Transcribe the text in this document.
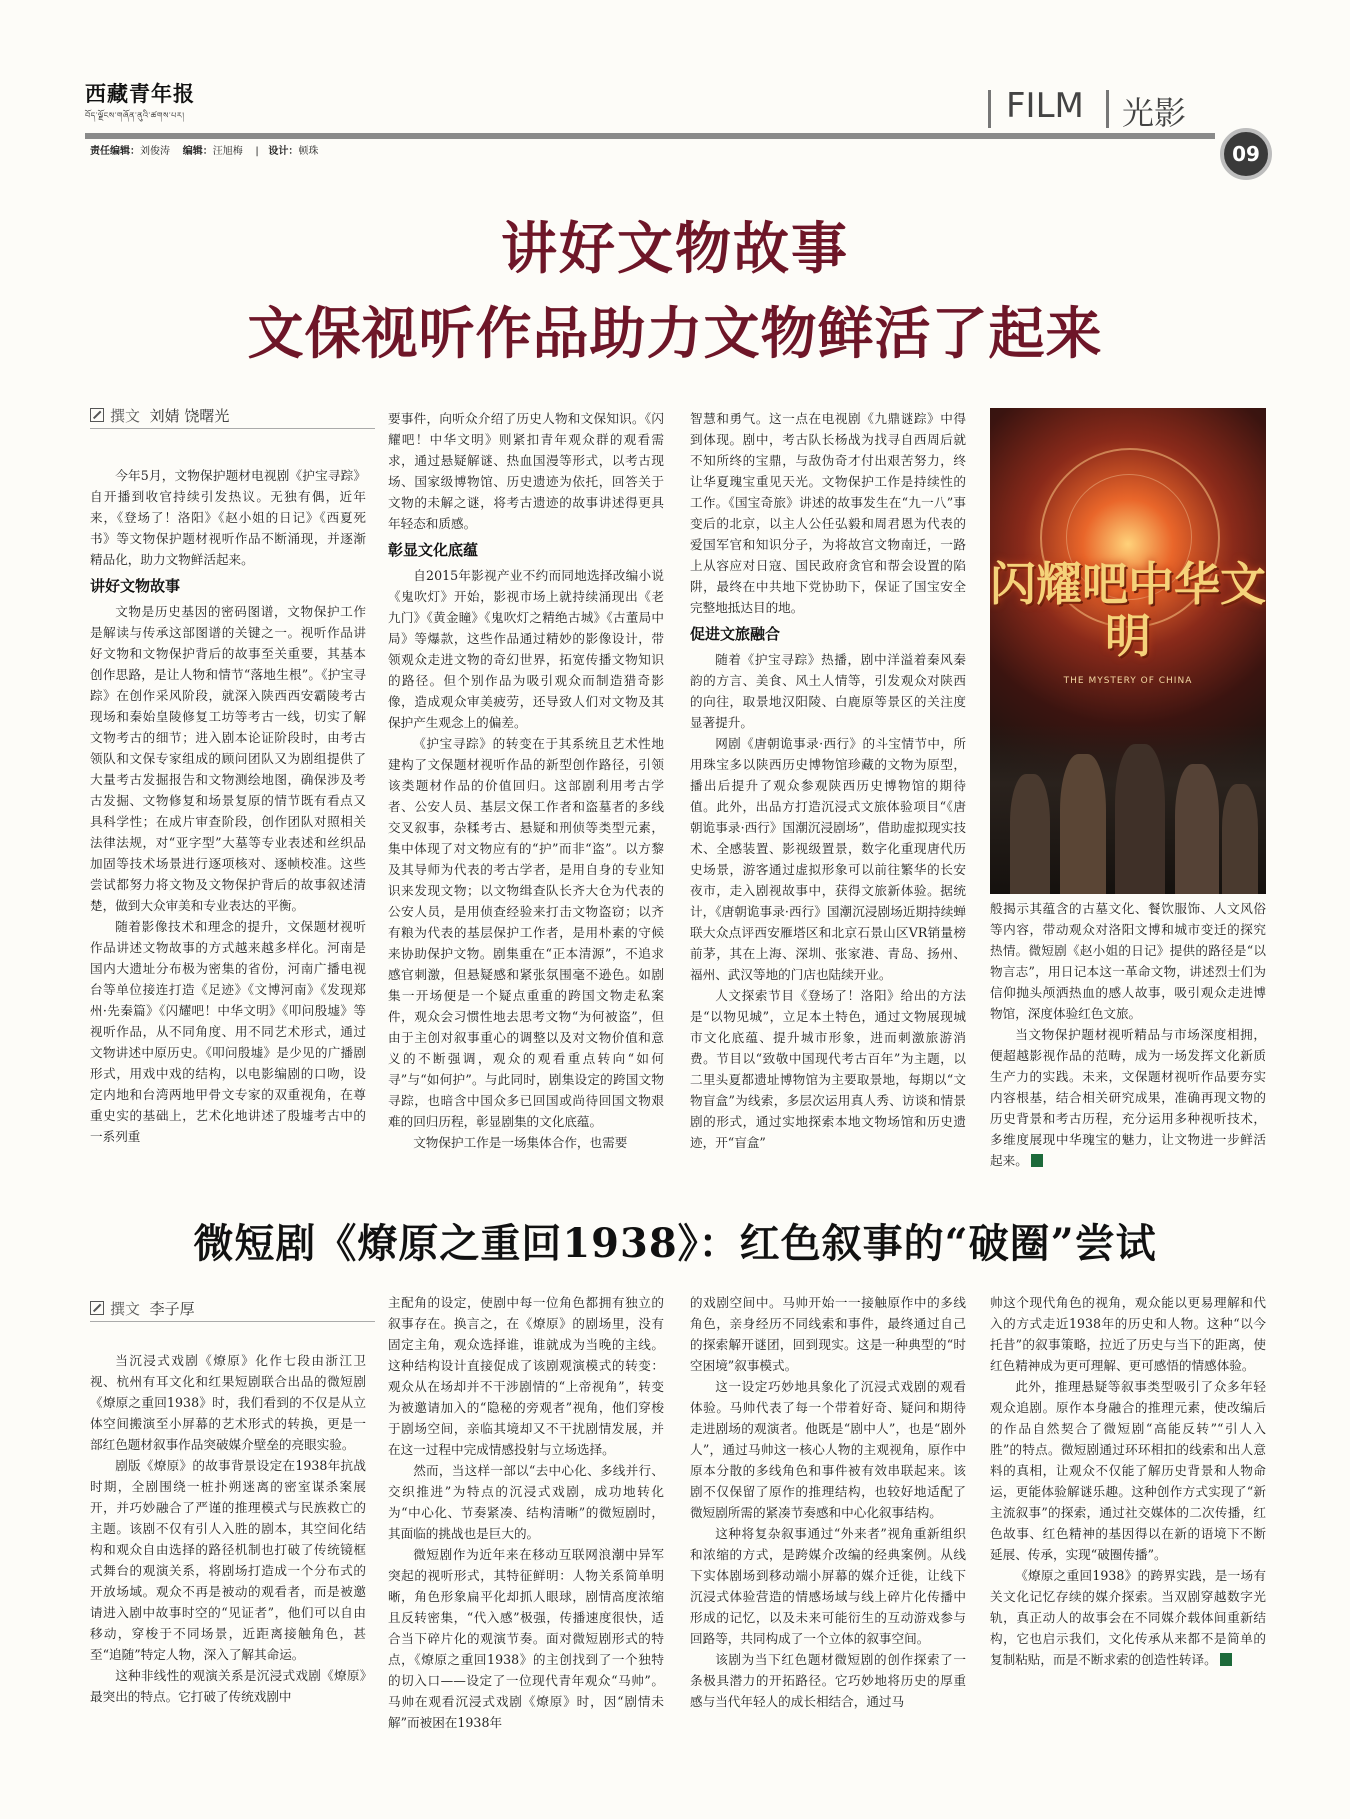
西藏青年报
བོད་ལྗོངས་གཞོན་ནུའི་ཚགས་པར།	FILM 光影
责任编辑：刘俊涛 编辑：汪旭梅    |   设计：顿珠	09
讲好文物故事
文保视听作品助力文物鲜活了起来
撰文 刘婧 饶曙光

今年5月，文物保护题材电视剧《护宝寻踪》自开播到收官持续引发热议。无独有偶，近年来，《登场了！洛阳》《赵小姐的日记》《西夏死书》等文物保护题材视听作品不断涌现，并逐渐精品化，助力文物鲜活起来。

讲好文物故事

文物是历史基因的密码图谱，文物保护工作是解读与传承这部图谱的关键之一。视听作品讲好文物和文物保护背后的故事至关重要，其基本创作思路，是让人物和情节“落地生根”。《护宝寻踪》在创作采风阶段，就深入陕西西安霸陵考古现场和秦始皇陵修复工坊等考古一线，切实了解文物考古的细节；进入剧本论证阶段时，由考古领队和文保专家组成的顾问团队又为剧组提供了大量考古发掘报告和文物测绘地图，确保涉及考古发掘、文物修复和场景复原的情节既有看点又具科学性；在成片审查阶段，创作团队对照相关法律法规，对“亚字型”大墓等专业表述和丝织品加固等技术场景进行逐项核对、逐帧校准。这些尝试都努力将文物及文物保护背后的故事叙述清楚，做到大众审美和专业表达的平衡。

随着影像技术和理念的提升，文保题材视听作品讲述文物故事的方式越来越多样化。河南是国内大遗址分布极为密集的省份，河南广播电视台等单位接连打造《足迹》《文博河南》《发现郑州·先秦篇》《闪耀吧！中华文明》《叩问殷墟》等视听作品，从不同角度、用不同艺术形式，通过文物讲述中原历史。《叩问殷墟》是少见的广播剧形式，用戏中戏的结构，以电影编剧的口吻，设定内地和台湾两地甲骨文专家的双重视角，在尊重史实的基础上，艺术化地讲述了殷墟考古中的一系列重

要事件，向听众介绍了历史人物和文保知识。《闪耀吧！中华文明》则紧扣青年观众群的观看需求，通过悬疑解谜、热血国漫等形式，以考古现场、国家级博物馆、历史遗迹为依托，回答关于文物的未解之谜，将考古遗迹的故事讲述得更具年轻态和质感。

彰显文化底蕴

自2015年影视产业不约而同地选择改编小说《鬼吹灯》开始，影视市场上就持续涌现出《老九门》《黄金瞳》《鬼吹灯之精绝古城》《古董局中局》等爆款，这些作品通过精妙的影像设计，带领观众走进文物的奇幻世界，拓宽传播文物知识的路径。但个别作品为吸引观众而制造猎奇影像，造成观众审美疲劳，还导致人们对文物及其保护产生观念上的偏差。

《护宝寻踪》的转变在于其系统且艺术性地建构了文保题材视听作品的新型创作路径，引领该类题材作品的价值回归。这部剧利用考古学者、公安人员、基层文保工作者和盗墓者的多线交叉叙事，杂糅考古、悬疑和刑侦等类型元素，集中体现了对文物应有的“护”而非“盗”。以方黎及其导师为代表的考古学者，是用自身的专业知识来发现文物；以文物缉查队长齐大仓为代表的公安人员，是用侦查经验来打击文物盗窃；以齐有粮为代表的基层保护工作者，是用朴素的守候来协助保护文物。剧集重在“正本清源”，不追求感官刺激，但悬疑感和紧张氛围毫不逊色。如剧集一开场便是一个疑点重重的跨国文物走私案件，观众会习惯性地去思考文物“为何被盗”，但由于主创对叙事重心的调整以及对文物价值和意义的不断强调，观众的观看重点转向“如何寻”与“如何护”。与此同时，剧集设定的跨国文物寻踪，也暗含中国众多已回国或尚待回国文物艰难的回归历程，彰显剧集的文化底蕴。

文物保护工作是一场集体合作，也需要

智慧和勇气。这一点在电视剧《九鼎谜踪》中得到体现。剧中，考古队长杨战为找寻自西周后就不知所终的宝鼎，与敌伪奇才付出艰苦努力，终让华夏瑰宝重见天光。文物保护工作是持续性的工作。《国宝奇旅》讲述的故事发生在“九一八”事变后的北京，以主人公任弘毅和周君恩为代表的爱国军官和知识分子，为将故宫文物南迁，一路上从容应对日寇、国民政府贪官和帮会设置的陷阱，最终在中共地下党协助下，保证了国宝安全完整地抵达目的地。

促进文旅融合

随着《护宝寻踪》热播，剧中洋溢着秦风秦韵的方言、美食、风土人情等，引发观众对陕西的向往，取景地汉阳陵、白鹿原等景区的关注度显著提升。

网剧《唐朝诡事录·西行》的斗宝情节中，所用珠宝多以陕西历史博物馆珍藏的文物为原型，播出后提升了观众参观陕西历史博物馆的期待值。此外，出品方打造沉浸式文旅体验项目“《唐朝诡事录·西行》国潮沉浸剧场”，借助虚拟现实技术、全感装置、影视级置景，数字化重现唐代历史场景，游客通过虚拟形象可以前往繁华的长安夜市，走入剧视故事中，获得文旅新体验。据统计，《唐朝诡事录·西行》国潮沉浸剧场近期持续蝉联大众点评西安雁塔区和北京石景山区VR销量榜前茅，其在上海、深圳、张家港、青岛、扬州、福州、武汉等地的门店也陆续开业。

人文探索节目《登场了！洛阳》给出的方法是“以物见城”，立足本土特色，通过文物展现城市文化底蕴、提升城市形象，进而刺激旅游消费。节目以“致敬中国现代考古百年”为主题，以二里头夏都遗址博物馆为主要取景地，每期以“文物盲盒”为线索，多层次运用真人秀、访谈和情景剧的形式，通过实地探索本地文物场馆和历史遗迹，开“盲盒”

闪耀吧中华文明
THE MYSTERY OF CHINA

般揭示其蕴含的古墓文化、餐饮服饰、人文风俗等内容，带动观众对洛阳文博和城市变迁的探究热情。微短剧《赵小姐的日记》提供的路径是“以物言志”，用日记本这一革命文物，讲述烈士们为信仰抛头颅洒热血的感人故事，吸引观众走进博物馆，深度体验红色文旅。

当文物保护题材视听精品与市场深度相拥，便超越影视作品的范畴，成为一场发挥文化新质生产力的实践。未来，文保题材视听作品要夯实内容根基，结合相关研究成果，准确再现文物的历史背景和考古历程，充分运用多种视听技术，多维度展现中华瑰宝的魅力，让文物进一步鲜活起来。

微短剧《燎原之重回1938》：红色叙事的“破圈”尝试
撰文 李子厚

当沉浸式戏剧《燎原》化作七段由浙江卫视、杭州有耳文化和红果短剧联合出品的微短剧《燎原之重回1938》时，我们看到的不仅是从立体空间搬演至小屏幕的艺术形式的转换，更是一部红色题材叙事作品突破媒介壁垒的亮眼实验。

剧版《燎原》的故事背景设定在1938年抗战时期，全剧围绕一桩扑朔迷离的密室谋杀案展开，并巧妙融合了严谨的推理模式与民族救亡的主题。该剧不仅有引人入胜的剧本，其空间化结构和观众自由选择的路径机制也打破了传统镜框式舞台的观演关系，将剧场打造成一个分布式的开放场域。观众不再是被动的观看者，而是被邀请进入剧中故事时空的“见证者”，他们可以自由移动，穿梭于不同场景，近距离接触角色，甚至“追随”特定人物，深入了解其命运。

这种非线性的观演关系是沉浸式戏剧《燎原》最突出的特点。它打破了传统戏剧中

主配角的设定，使剧中每一位角色都拥有独立的叙事存在。换言之，在《燎原》的剧场里，没有固定主角，观众选择谁，谁就成为当晚的主线。这种结构设计直接促成了该剧观演模式的转变：观众从在场却并不干涉剧情的“上帝视角”，转变为被邀请加入的“隐秘的旁观者”视角，他们穿梭于剧场空间，亲临其境却又不干扰剧情发展，并在这一过程中完成情感投射与立场选择。

然而，当这样一部以“去中心化、多线并行、交织推进”为特点的沉浸式戏剧，成功地转化为“中心化、节奏紧凑、结构清晰”的微短剧时，其面临的挑战也是巨大的。

微短剧作为近年来在移动互联网浪潮中异军突起的视听形式，其特征鲜明：人物关系简单明晰，角色形象扁平化却抓人眼球，剧情高度浓缩且反转密集，“代入感”极强，传播速度很快，适合当下碎片化的观演节奏。面对微短剧形式的特点，《燎原之重回1938》的主创找到了一个独特的切入口——设定了一位现代青年观众“马帅”。马帅在观看沉浸式戏剧《燎原》时，因“剧情未解”而被困在1938年

的戏剧空间中。马帅开始一一接触原作中的多线角色，亲身经历不同线索和事件，最终通过自己的探索解开谜团，回到现实。这是一种典型的“时空困境”叙事模式。

这一设定巧妙地具象化了沉浸式戏剧的观看体验。马帅代表了每一个带着好奇、疑问和期待走进剧场的观演者。他既是“剧中人”，也是“剧外人”，通过马帅这一核心人物的主观视角，原作中原本分散的多线角色和事件被有效串联起来。该剧不仅保留了原作的推理结构，也较好地适配了微短剧所需的紧凑节奏感和中心化叙事结构。

这种将复杂叙事通过“外来者”视角重新组织和浓缩的方式，是跨媒介改编的经典案例。从线下实体剧场到移动端小屏幕的媒介迁徙，让线下沉浸式体验营造的情感场域与线上碎片化传播中形成的记忆，以及未来可能衍生的互动游戏参与回路等，共同构成了一个立体的叙事空间。

该剧为当下红色题材微短剧的创作探索了一条极具潜力的开拓路径。它巧妙地将历史的厚重感与当代年轻人的成长相结合，通过马

帅这个现代角色的视角，观众能以更易理解和代入的方式走近1938年的历史和人物。这种“以今托昔”的叙事策略，拉近了历史与当下的距离，使红色精神成为更可理解、更可感悟的情感体验。

此外，推理悬疑等叙事类型吸引了众多年轻观众追剧。原作本身融合的推理元素，使改编后的作品自然契合了微短剧“高能反转”“引人入胜”的特点。微短剧通过环环相扣的线索和出人意料的真相，让观众不仅能了解历史背景和人物命运，更能体验解谜乐趣。这种创作方式实现了“新主流叙事”的探索，通过社交媒体的二次传播，红色故事、红色精神的基因得以在新的语境下不断延展、传承，实现“破圈传播”。

《燎原之重回1938》的跨界实践，是一场有关文化记忆存续的媒介探索。当双剧穿越数字光轨，真正动人的故事会在不同媒介载体间重新结构，它也启示我们，文化传承从来都不是简单的复制粘贴，而是不断求索的创造性转译。
